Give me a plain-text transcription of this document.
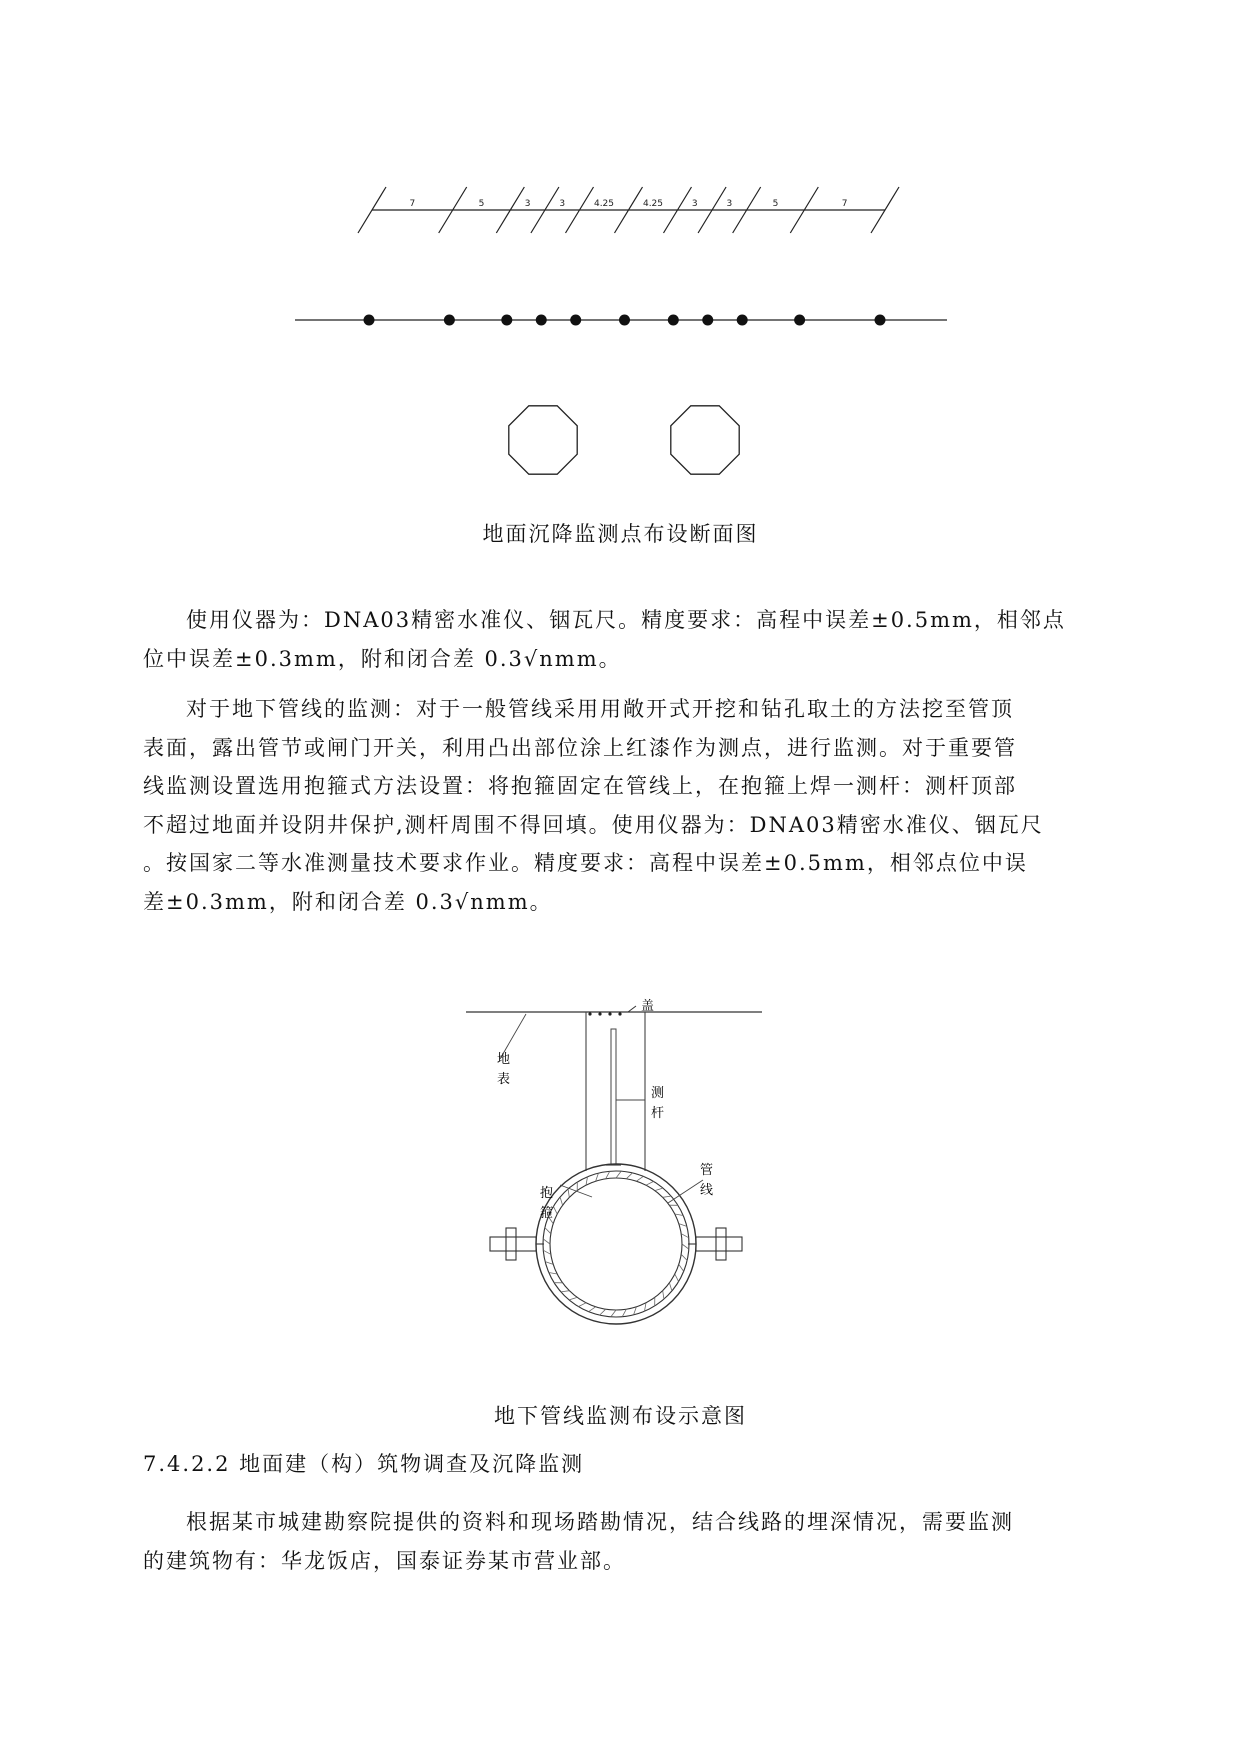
7	5	3	3	4.25	4.25	3	3	5	7
地面沉降监测点布设断面图

使用仪器为：DNA03精密水准仪、铟瓦尺。精度要求：高程中误差±0.5mm，相邻点
位中误差±0.3mm，附和闭合差 0.3√nmm。

对于地下管线的监测：对于一般管线采用用敞开式开挖和钻孔取土的方法挖至管顶
表面，露出管节或闸门开关，利用凸出部位涂上红漆作为测点，进行监测。对于重要管
线监测设置选用抱箍式方法设置：将抱箍固定在管线上，在抱箍上焊一测杆：测杆顶部
不超过地面并设阴井保护,测杆周围不得回填。使用仪器为：DNA03精密水准仪、铟瓦尺
。按国家二等水准测量技术要求作业。精度要求：高程中误差±0.5mm，相邻点位中误
差±0.3mm，附和闭合差 0.3√nmm。

盖
地
表
测
杆
管
线
抱
箍
地下管线监测布设示意图
7.4.2.2 地面建（构）筑物调查及沉降监测

根据某市城建勘察院提供的资料和现场踏勘情况，结合线路的埋深情况，需要监测
的建筑物有：华龙饭店，国泰证券某市营业部。
